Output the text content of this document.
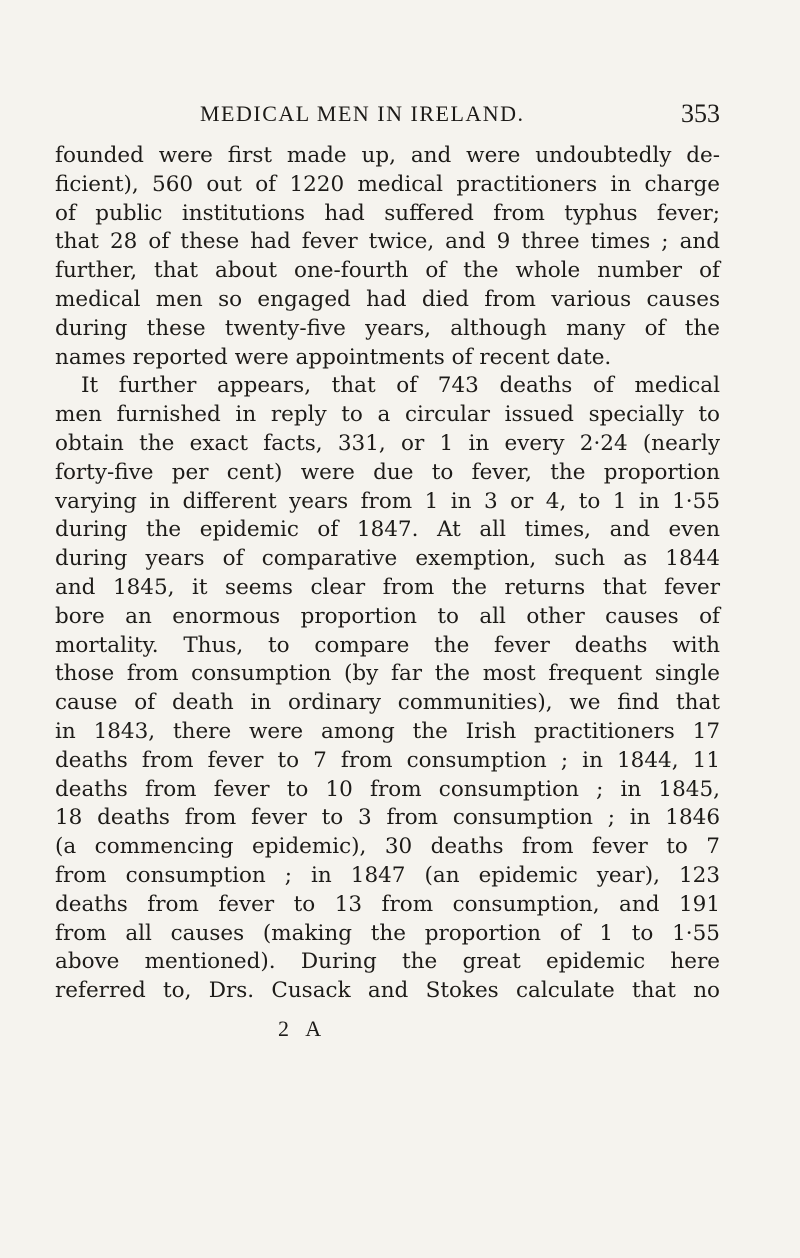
MEDICAL MEN IN IRELAND.	353
founded were first made up, and were undoubtedly de-
ficient), 560 out of 1220 medical practitioners in charge
of public institutions had suffered from typhus fever;
that 28 of these had fever twice, and 9 three times ; and
further, that about one-fourth of the whole number of
medical men so engaged had died from various causes
during these twenty-five years, although many of the
names reported were appointments of recent date.
It further appears, that of 743 deaths of medical
men furnished in reply to a circular issued specially to
obtain the exact facts, 331, or 1 in every 2·24 (nearly
forty-five per cent) were due to fever, the proportion
varying in different years from 1 in 3 or 4, to 1 in 1·55
during the epidemic of 1847. At all times, and even
during years of comparative exemption, such as 1844
and 1845, it seems clear from the returns that fever
bore an enormous proportion to all other causes of
mortality. Thus, to compare the fever deaths with
those from consumption (by far the most frequent single
cause of death in ordinary communities), we find that
in 1843, there were among the Irish practitioners 17
deaths from fever to 7 from consumption ; in 1844, 11
deaths from fever to 10 from consumption ; in 1845,
18 deaths from fever to 3 from consumption ; in 1846
(a commencing epidemic), 30 deaths from fever to 7
from consumption ; in 1847 (an epidemic year), 123
deaths from fever to 13 from consumption, and 191
from all causes (making the proportion of 1 to 1·55
above mentioned). During the great epidemic here
referred to, Drs. Cusack and Stokes calculate that no
2 A
